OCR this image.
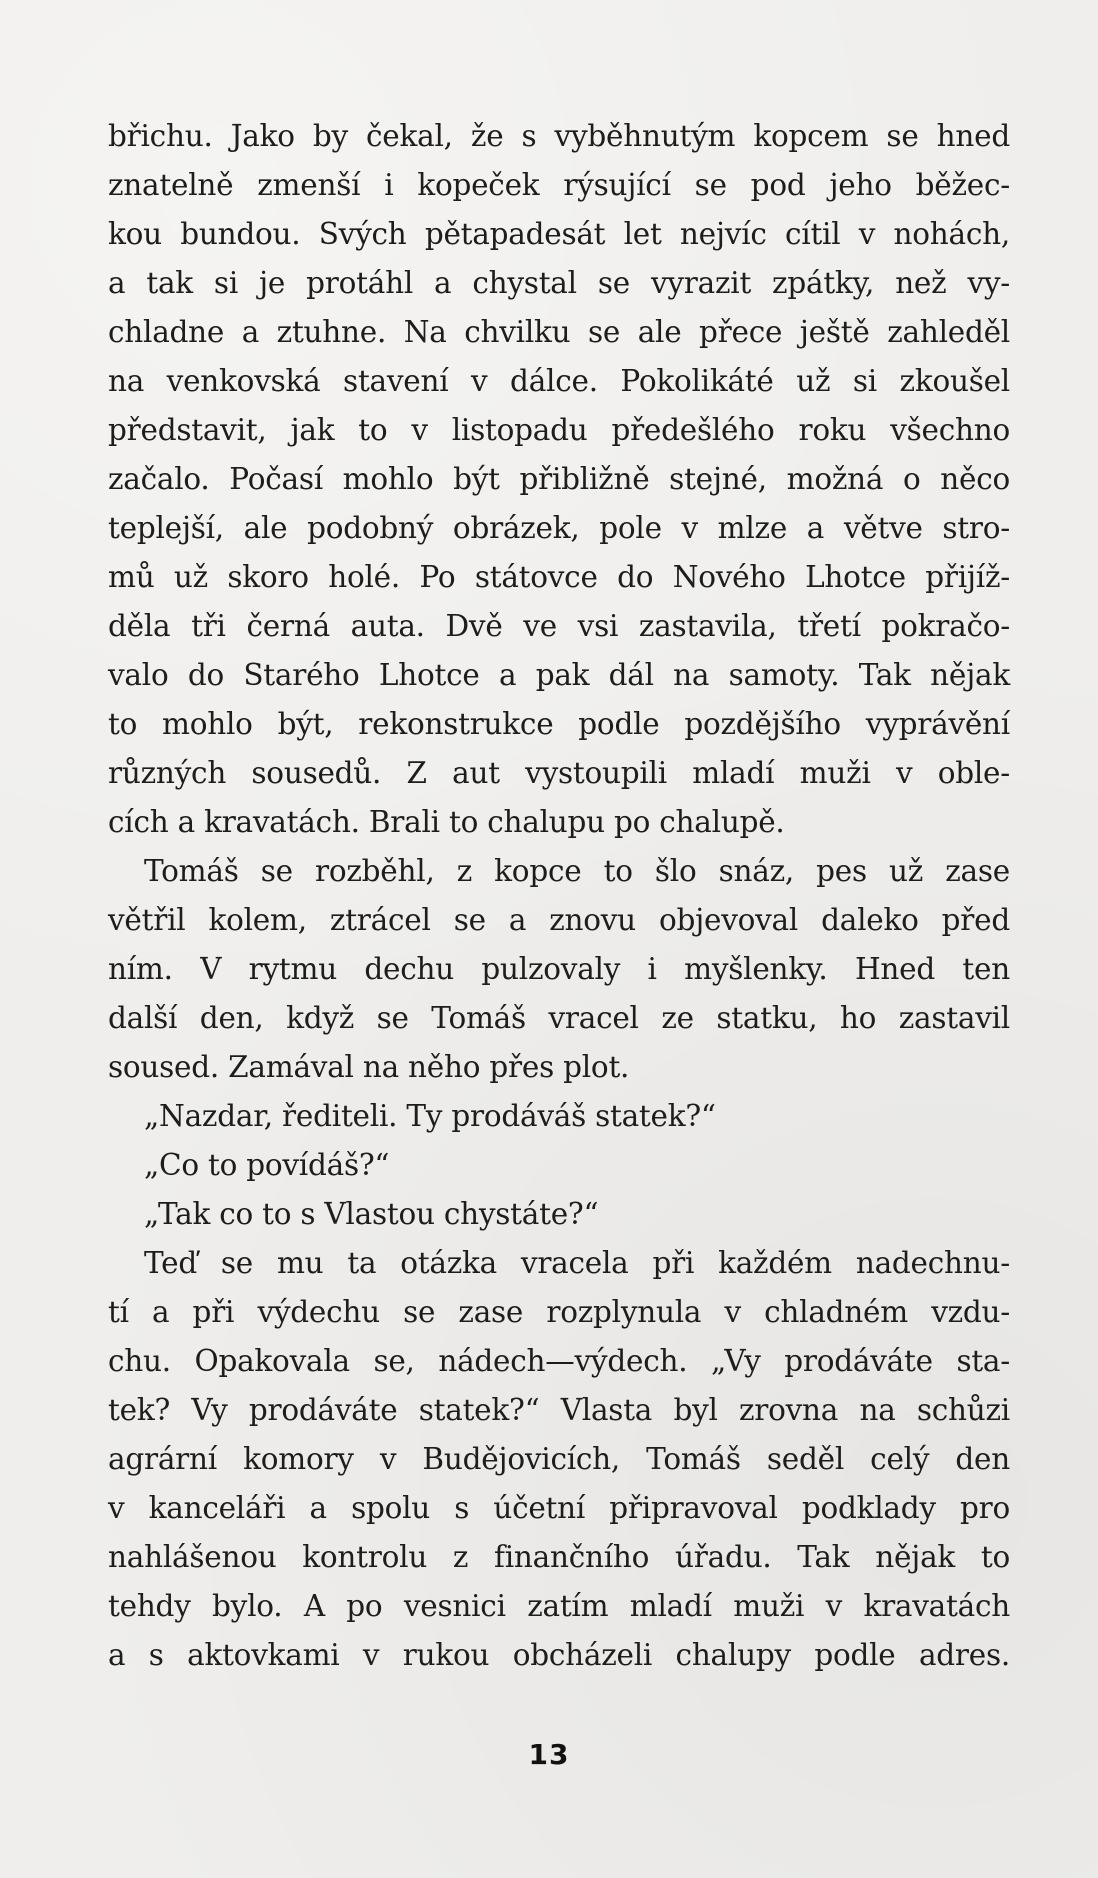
břichu. Jako by čekal, že s vyběhnutým kopcem se hned
znatelně zmenší i kopeček rýsující se pod jeho běžec-
kou bundou. Svých pětapadesát let nejvíc cítil v nohách,
a tak si je protáhl a chystal se vyrazit zpátky, než vy-
chladne a ztuhne. Na chvilku se ale přece ještě zahleděl
na venkovská stavení v dálce. Pokolikáté už si zkoušel
představit, jak to v listopadu předešlého roku všechno
začalo. Počasí mohlo být přibližně stejné, možná o něco
teplejší, ale podobný obrázek, pole v mlze a větve stro-
mů už skoro holé. Po státovce do Nového Lhotce přijíž-
děla tři černá auta. Dvě ve vsi zastavila, třetí pokračo-
valo do Starého Lhotce a pak dál na samoty. Tak nějak
to mohlo být, rekonstrukce podle pozdějšího vyprávění
různých sousedů. Z aut vystoupili mladí muži v oble-
cích a kravatách. Brali to chalupu po chalupě.
Tomáš se rozběhl, z kopce to šlo snáz, pes už zase
větřil kolem, ztrácel se a znovu objevoval daleko před
ním. V rytmu dechu pulzovaly i myšlenky. Hned ten
další den, když se Tomáš vracel ze statku, ho zastavil
soused. Zamával na něho přes plot.
„Nazdar, řediteli. Ty prodáváš statek?“
„Co to povídáš?“
„Tak co to s Vlastou chystáte?“
Teď se mu ta otázka vracela při každém nadechnu-
tí a při výdechu se zase rozplynula v chladném vzdu-
chu. Opakovala se, nádech—výdech. „Vy prodáváte sta-
tek? Vy prodáváte statek?“ Vlasta byl zrovna na schůzi
agrární komory v Budějovicích, Tomáš seděl celý den
v kanceláři a spolu s účetní připravoval podklady pro
nahlášenou kontrolu z finančního úřadu. Tak nějak to
tehdy bylo. A po vesnici zatím mladí muži v kravatách
a s aktovkami v rukou obcházeli chalupy podle adres.
13
